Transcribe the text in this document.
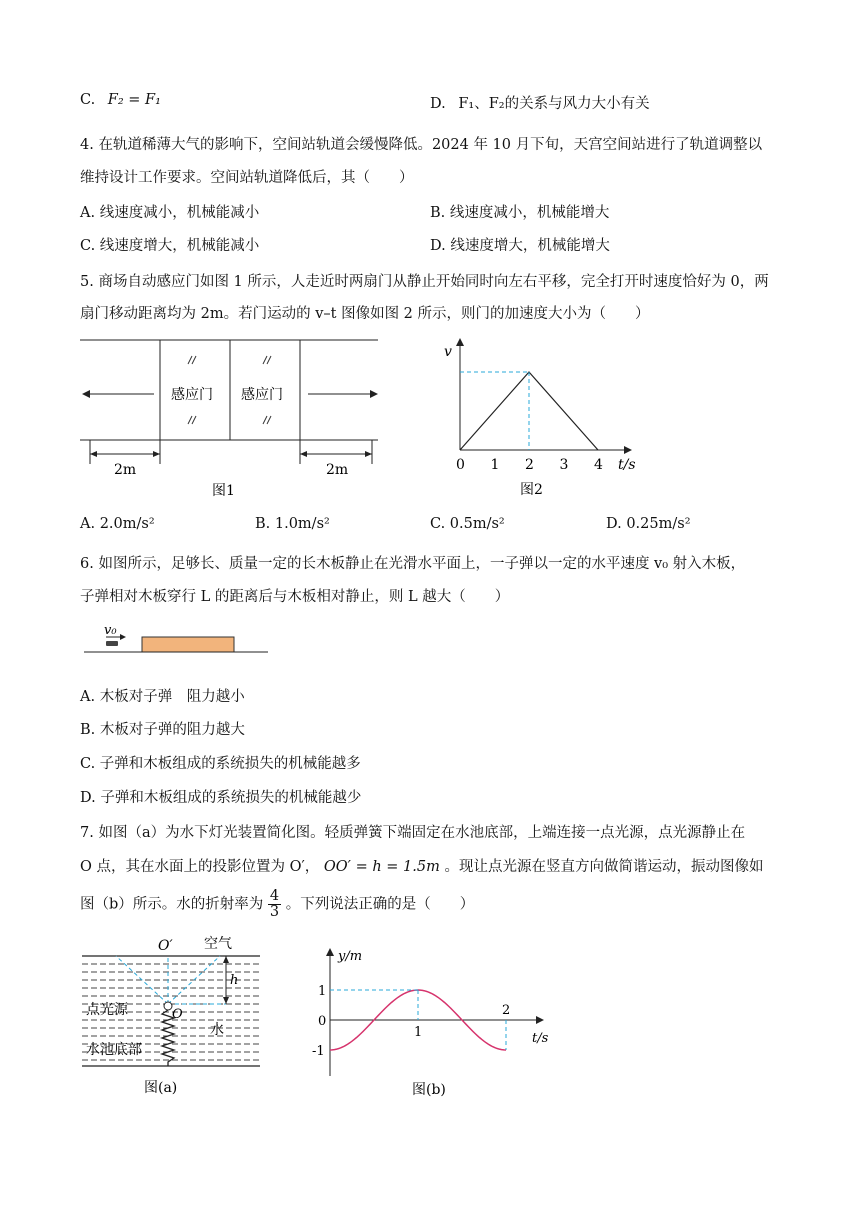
C. F₂ = F₁	D. F₁、F₂的关系与风力大小有关
4. 在轨道稀薄大气的影响下，空间站轨道会缓慢降低。2024 年 10 月下旬，天宫空间站进行了轨道调整以
维持设计工作要求。空间站轨道降低后，其（　　）
A. 线速度减小，机械能减小	B. 线速度减小，机械能增大
C. 线速度增大，机械能减小	D. 线速度增大，机械能增大
5. 商场自动感应门如图 1 所示，人走近时两扇门从静止开始同时向左右平移，完全打开时速度恰好为 0，两
扇门移动距离均为 2m。若门运动的 v–t 图像如图 2 所示，则门的加速度大小为（　　）
感应门 感应门
2m	2m
图1
v
t/s
0 1 2 3 4
图2
A. 2.0m/s²	B. 1.0m/s²	C. 0.5m/s²	D. 0.25m/s²
6. 如图所示，足够长、质量一定的长木板静止在光滑水平面上，一子弹以一定的水平速度 v₀ 射入木板，
子弹相对木板穿行 L 的距离后与木板相对静止，则 L 越大（　　）
v₀
A. 木板对子弹　阻力越小
B. 木板对子弹的阻力越大
C. 子弹和木板组成的系统损失的机械能越多
D. 子弹和木板组成的系统损失的机械能越少
7. 如图（a）为水下灯光装置简化图。轻质弹簧下端固定在水池底部，上端连接一点光源，点光源静止在
O 点，其在水面上的投影位置为 O′， OO′ = h = 1.5m 。现让点光源在竖直方向做简谐运动，振动图像如
图（b）所示。水的折射率为 $\frac{4}{3}$ 。下列说法正确的是（　　）
h
O′ 空气
O
点光源
水
水池底部
图(a)
y/m
t/s
1
0
-1
1
2
图(b)
